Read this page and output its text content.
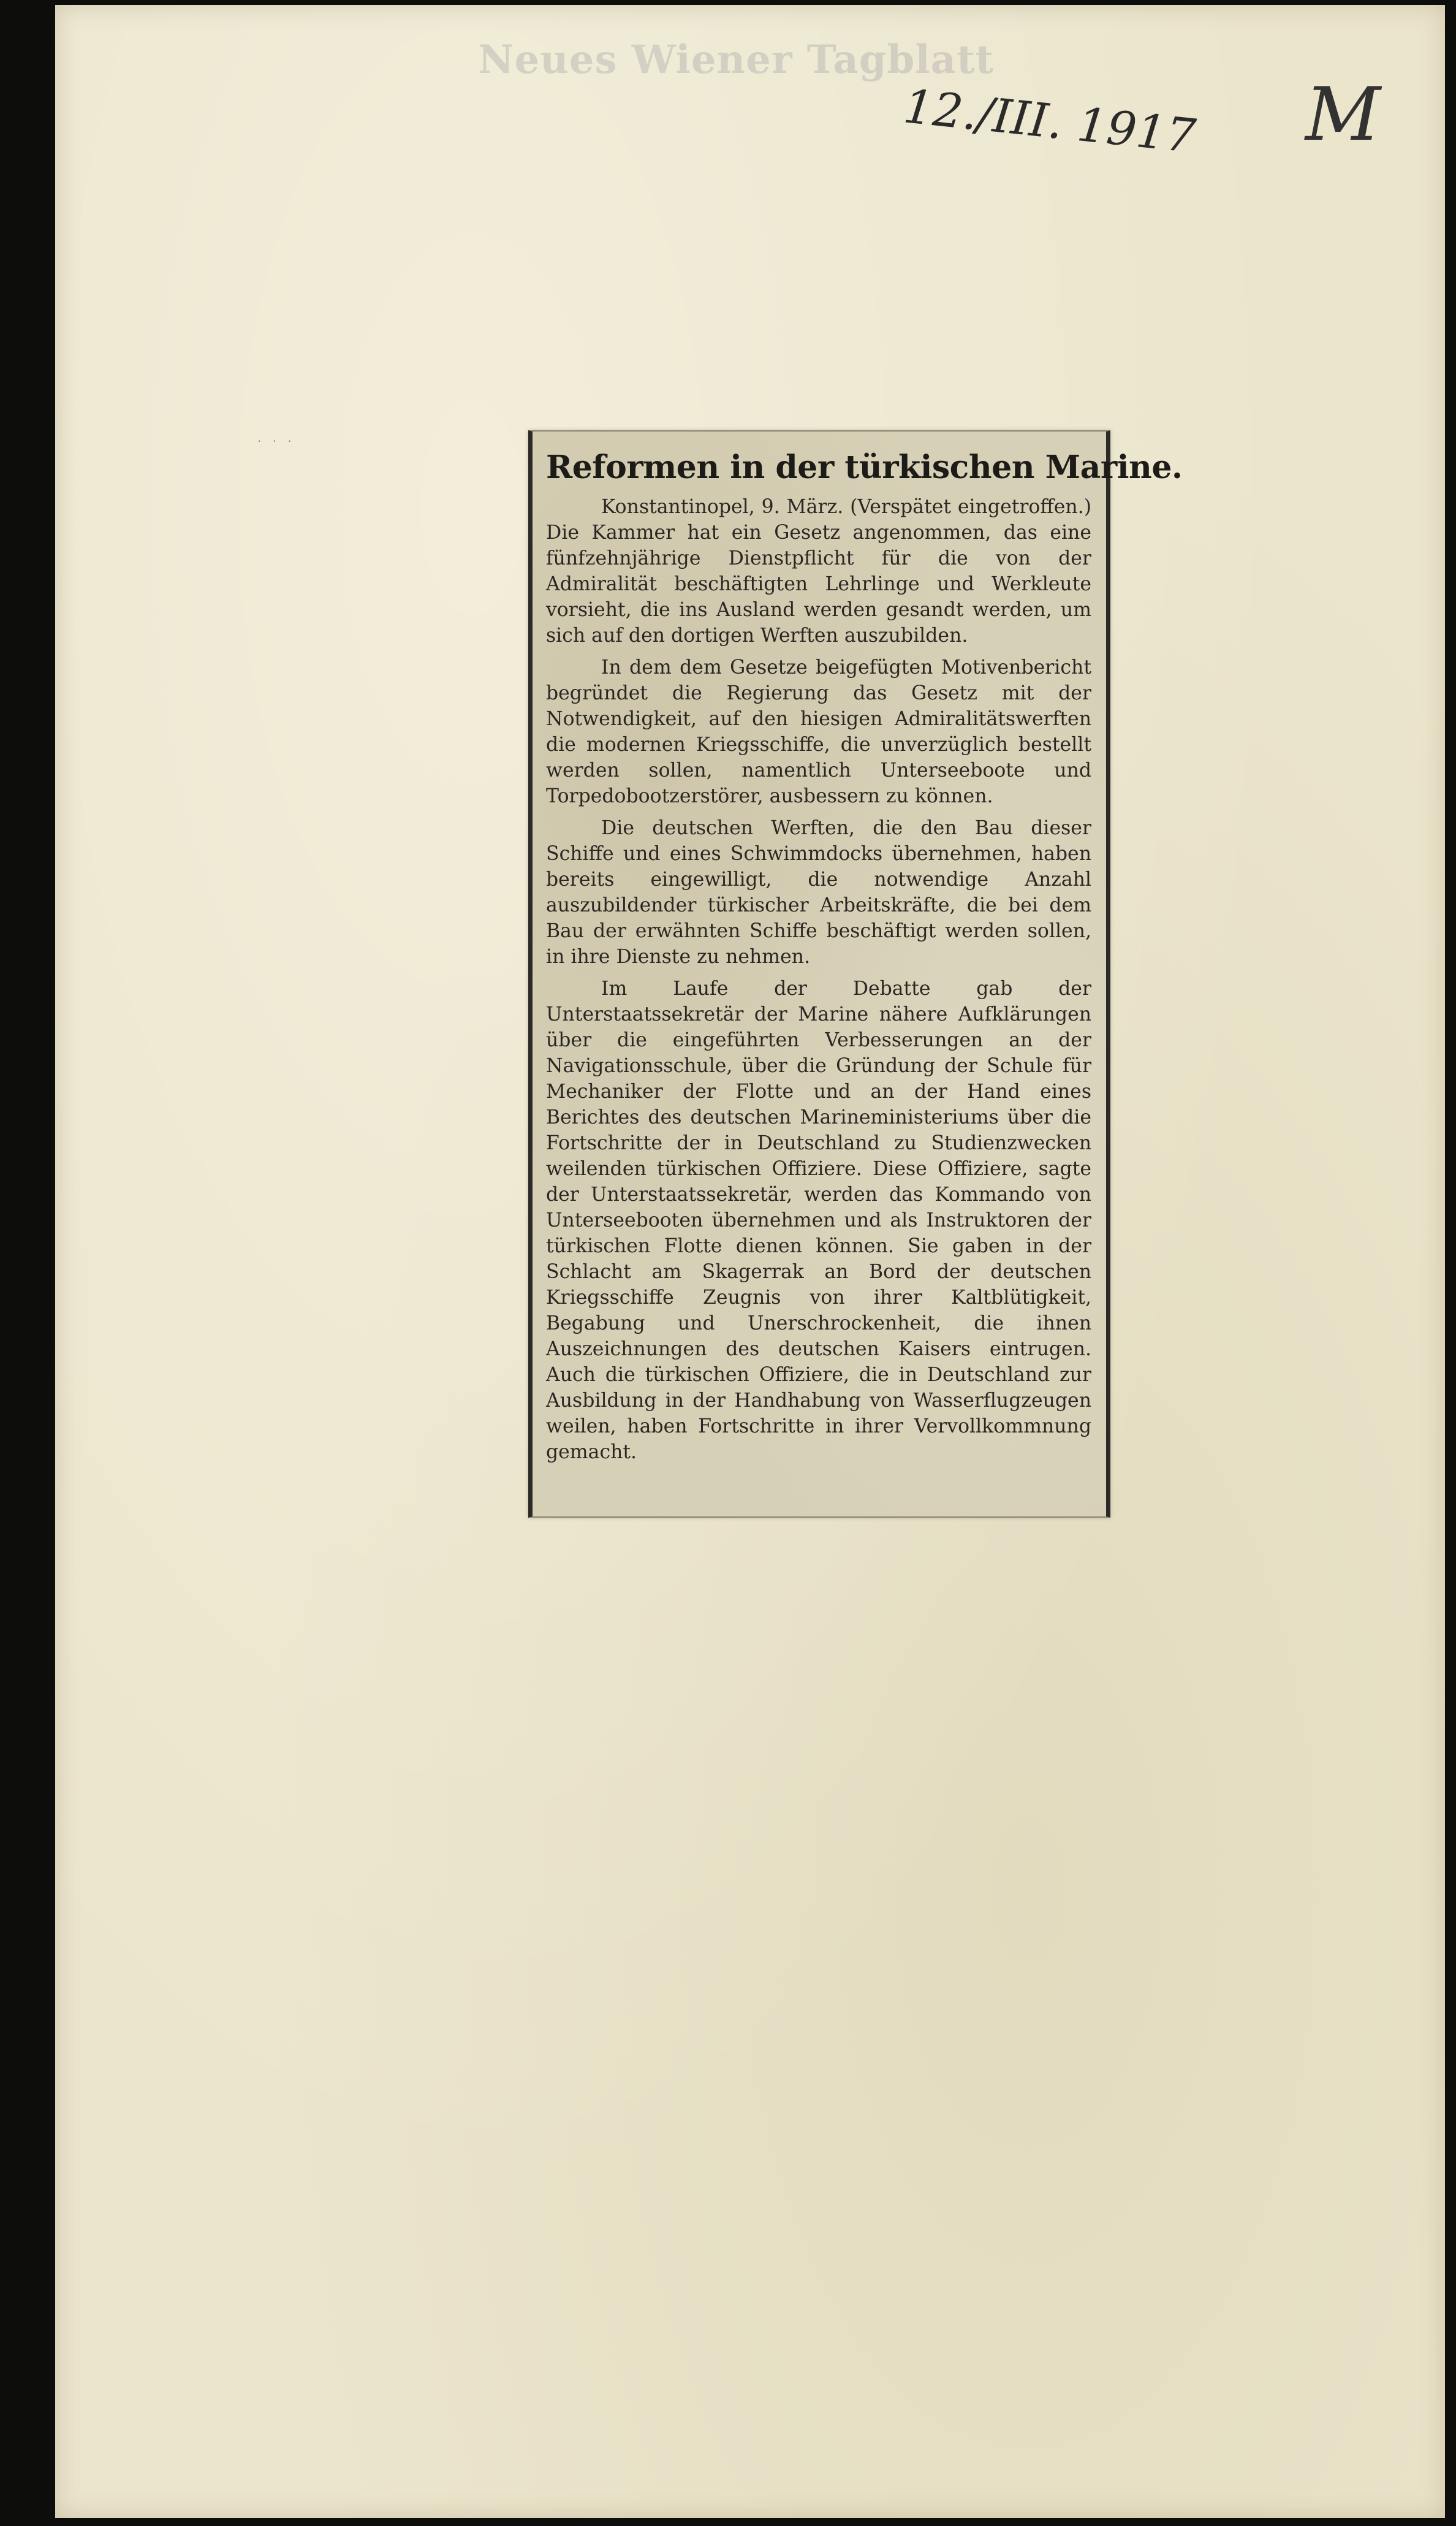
Neues Wiener Tagblatt
12./III. 1917 M
· · ·
Reformen in der türkischen Marine.

Konstantinopel, 9. März. (Verspätet eingetroffen.) Die Kammer hat ein Gesetz angenommen, das eine fünfzehnjährige Dienstpflicht für die von der Admiralität beschäftigten Lehrlinge und Werkleute vorsieht, die ins Ausland werden gesandt werden, um sich auf den dortigen Werften auszubilden.

In dem dem Gesetze beigefügten Motivenbericht begründet die Regierung das Gesetz mit der Notwendigkeit, auf den hiesigen Admiralitätswerften die modernen Kriegsschiffe, die unverzüglich bestellt werden sollen, namentlich Unterseeboote und Torpedobootzerstörer, ausbessern zu können.

Die deutschen Werften, die den Bau dieser Schiffe und eines Schwimmdocks übernehmen, haben bereits eingewilligt, die notwendige Anzahl auszubildender türkischer Arbeitskräfte, die bei dem Bau der erwähnten Schiffe beschäftigt werden sollen, in ihre Dienste zu nehmen.

Im Laufe der Debatte gab der Unterstaatssekretär der Marine nähere Aufklärungen über die eingeführten Verbesserungen an der Navigationsschule, über die Gründung der Schule für Mechaniker der Flotte und an der Hand eines Berichtes des deutschen Marineministeriums über die Fortschritte der in Deutschland zu Studienzwecken weilenden türkischen Offiziere. Diese Offiziere, sagte der Unterstaatssekretär, werden das Kommando von Unterseebooten übernehmen und als Instruktoren der türkischen Flotte dienen können. Sie gaben in der Schlacht am Skagerrak an Bord der deutschen Kriegsschiffe Zeugnis von ihrer Kaltblütigkeit, Begabung und Unerschrockenheit, die ihnen Auszeichnungen des deutschen Kaisers eintrugen. Auch die türkischen Offiziere, die in Deutschland zur Ausbildung in der Handhabung von Wasserflugzeugen weilen, haben Fortschritte in ihrer Vervollkommnung gemacht.
